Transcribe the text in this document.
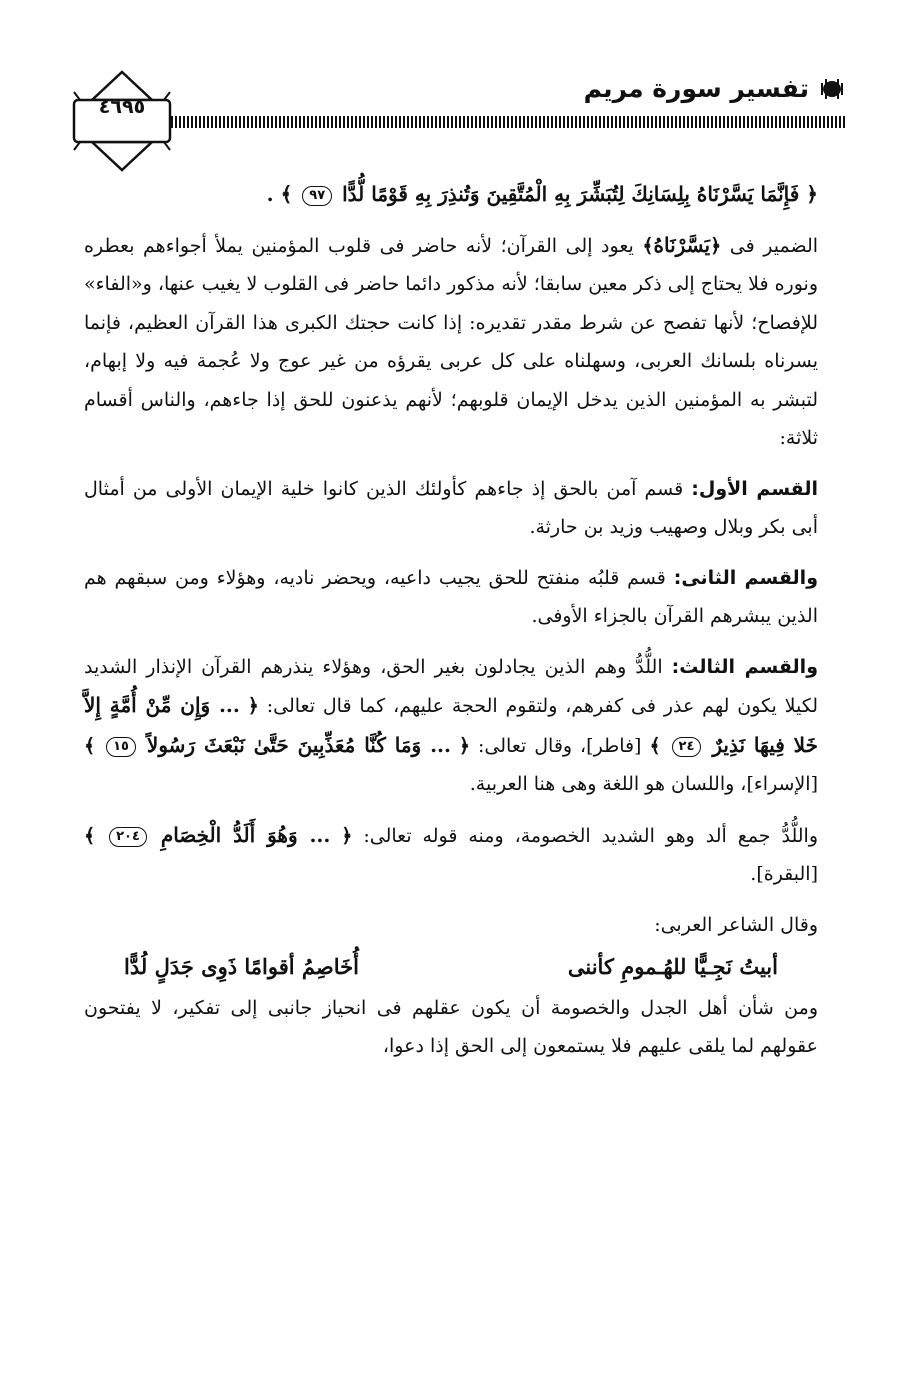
تفسير سورة مريم
٤٦٩٥

﴿ فَإِنَّمَا يَسَّرْنَاهُ بِلِسَانِكَ لِتُبَشِّرَ بِهِ الْمُتَّقِينَ وَتُنذِرَ بِهِ قَوْمًا لُّدًّا ٩٧ ﴾ .

الضمير فى ﴿يَسَّرْنَاهُ﴾ يعود إلى القرآن؛ لأنه حاضر فى قلوب المؤمنين يملأ أجواءهم بعطره ونوره فلا يحتاج إلى ذكر معين سابقا؛ لأنه مذكور دائما حاضر فى القلوب لا يغيب عنها، و«الفاء» للإفصاح؛ لأنها تفصح عن شرط مقدر تقديره: إذا كانت حجتك الكبرى هذا القرآن العظيم، فإنما يسرناه بلسانك العربى، وسهلناه على كل عربى يقرؤه من غير عوج ولا عُجمة فيه ولا إبهام، لتبشر به المؤمنين الذين يدخل الإيمان قلوبهم؛ لأنهم يذعنون للحق إذا جاءهم، والناس أقسام ثلاثة:

القسم الأول: قسم آمن بالحق إذ جاءهم كأولئك الذين كانوا خلية الإيمان الأولى من أمثال أبى بكر وبلال وصهيب وزيد بن حارثة.

والقسم الثانى: قسم قلبُه منفتح للحق يجيب داعيه، ويحضر ناديه، وهؤلاء ومن سبقهم هم الذين يبشرهم القرآن بالجزاء الأوفى.

والقسم الثالث: اللُّدُّ وهم الذين يجادلون بغير الحق، وهؤلاء ينذرهم القرآن الإنذار الشديد لكيلا يكون لهم عذر فى كفرهم، ولتقوم الحجة عليهم، كما قال تعالى: ﴿ ... وَإِن مِّنْ أُمَّةٍ إِلاَّ خَلا فِيهَا نَذِيرٌ ٢٤ ﴾ [فاطر]، وقال تعالى: ﴿ ... وَمَا كُنَّا مُعَذِّبِينَ حَتَّىٰ نَبْعَثَ رَسُولاً ١٥ ﴾ [الإسراء]، واللسان هو اللغة وهى هنا العربية.

واللُّدُّ جمع ألد وهو الشديد الخصومة، ومنه قوله تعالى: ﴿ ... وَهُوَ أَلَدُّ الْخِصَامِ ٢٠٤ ﴾ [البقرة].

وقال الشاعر العربى:

أبيتُ نَجِـيًّا للهُـمومِ كأننى
أُخَاصِمُ أقوامًا ذَوِى جَدَلٍ لُدًّا

ومن شأن أهل الجدل والخصومة أن يكون عقلهم فى انحياز جانبى إلى تفكير، لا يفتحون عقولهم لما يلقى عليهم فلا يستمعون إلى الحق إذا دعوا،
